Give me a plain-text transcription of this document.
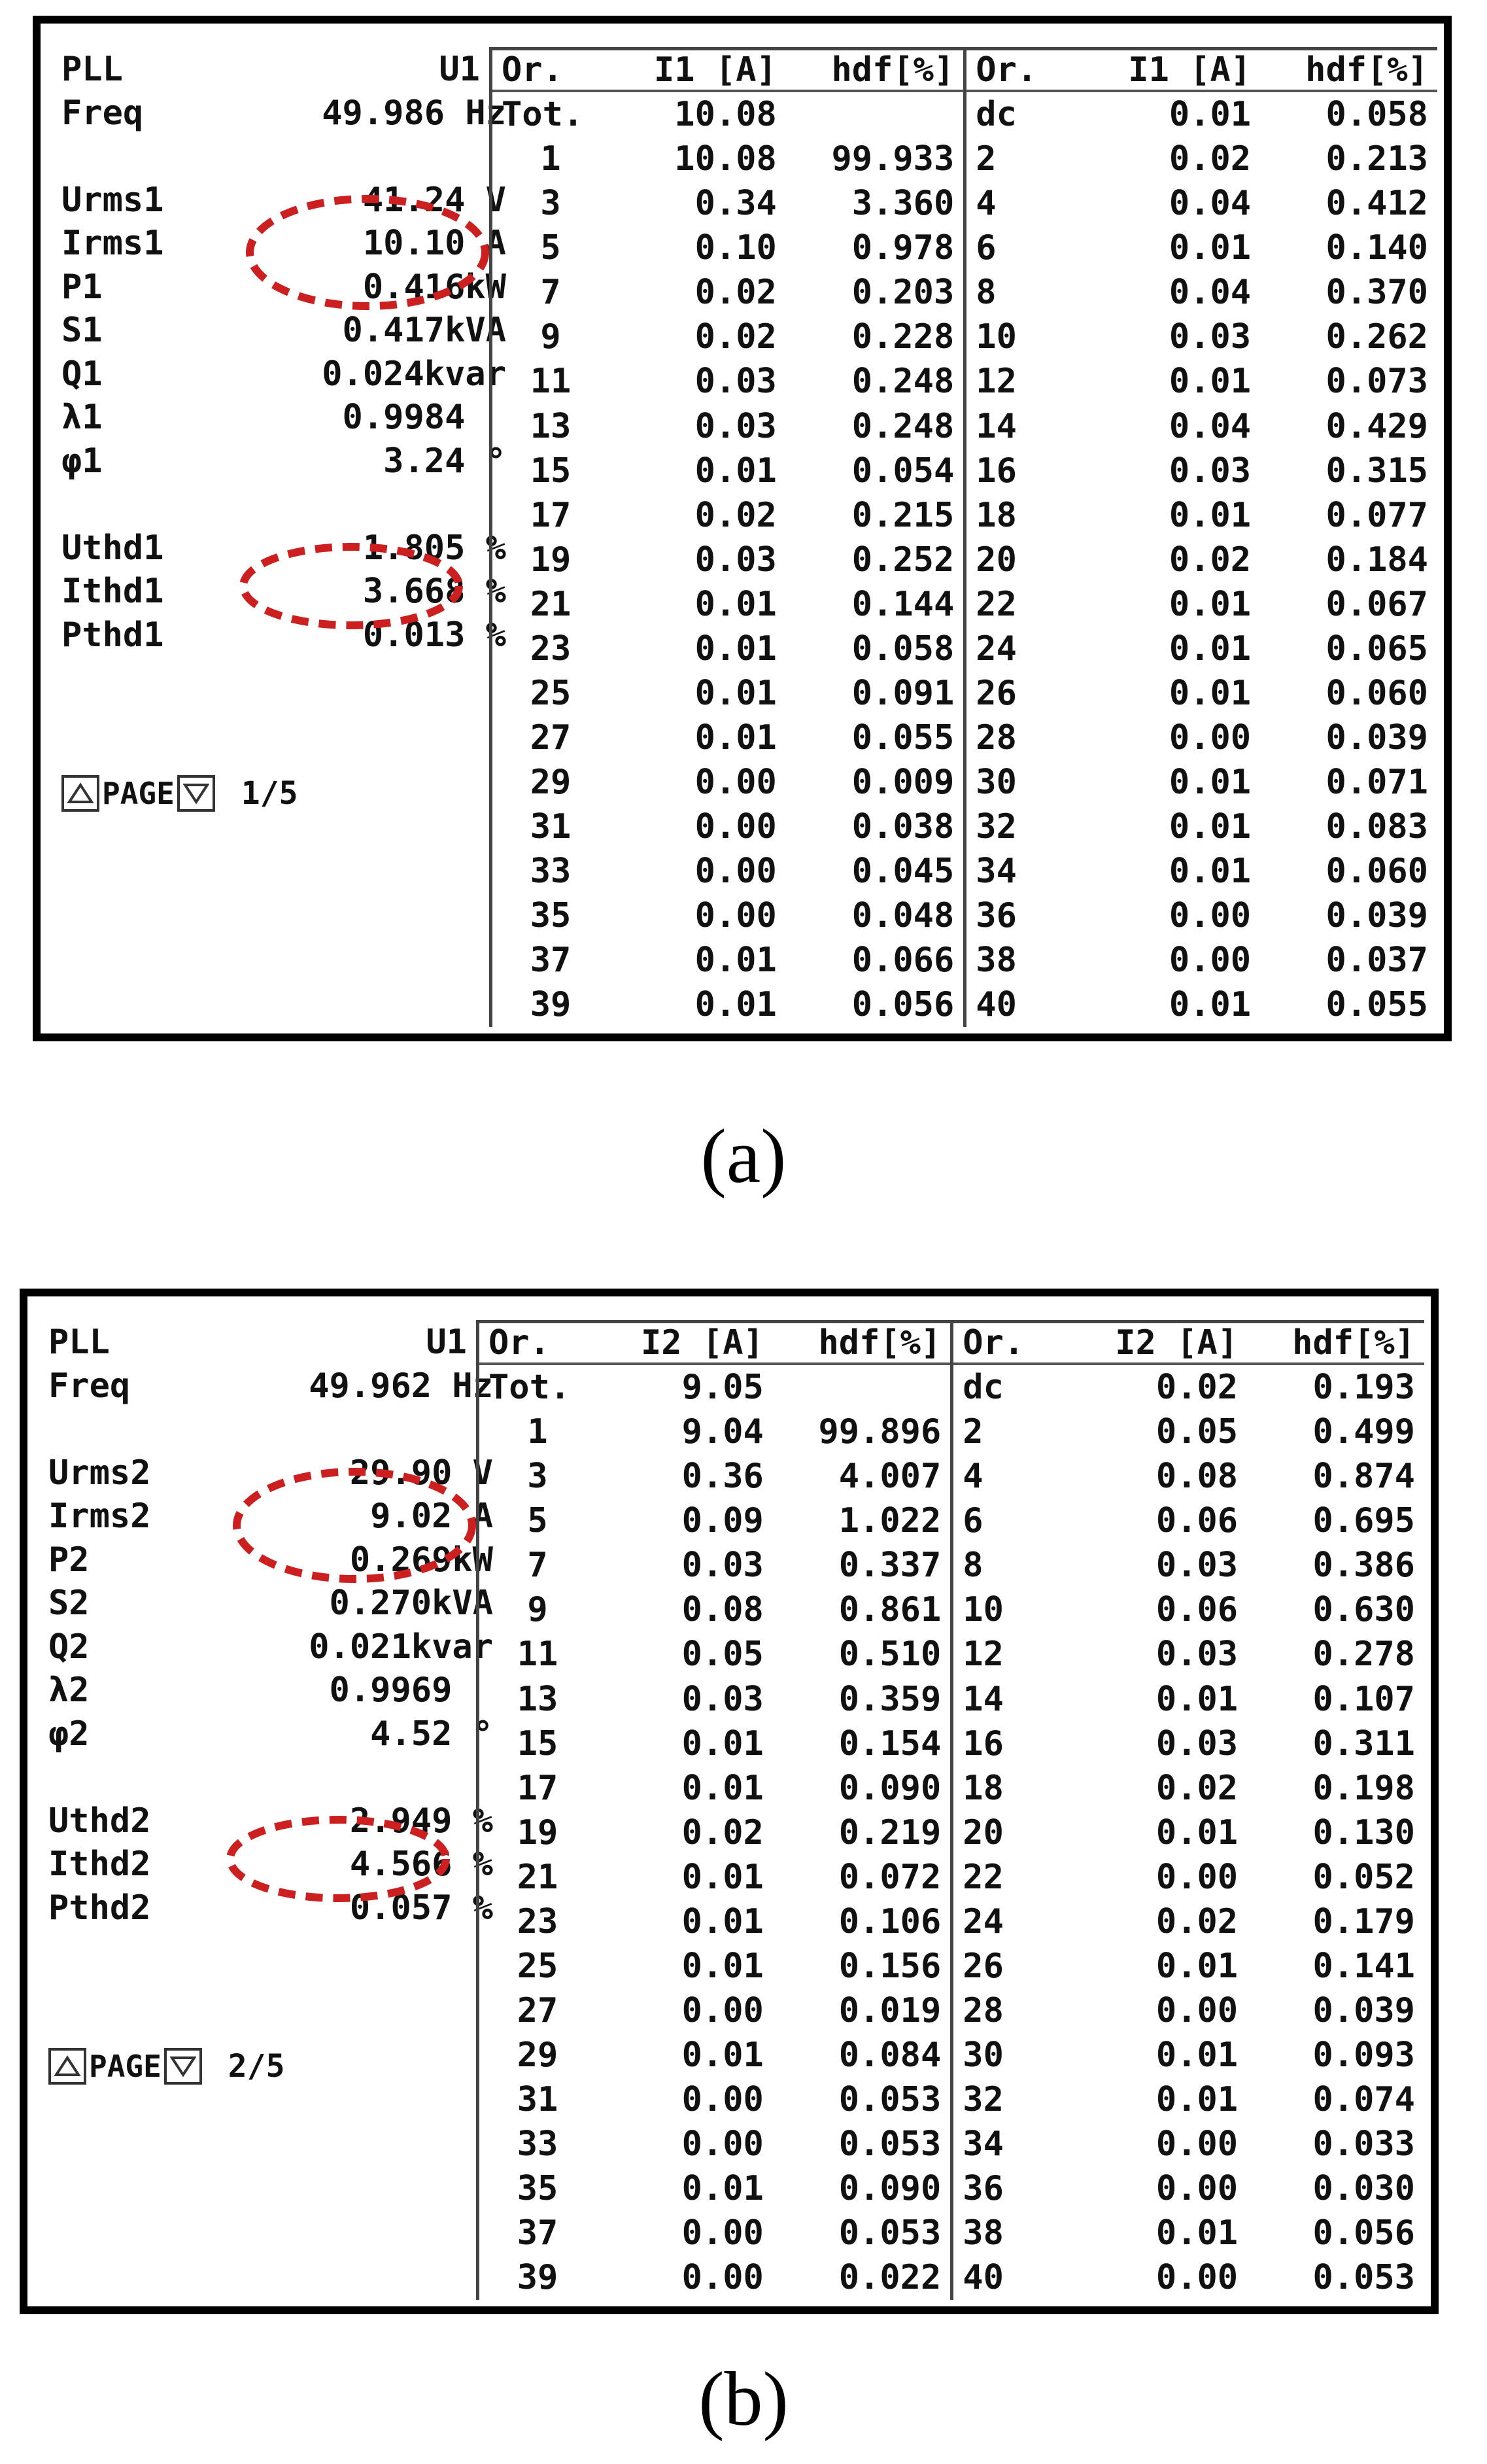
PLL	U1
Freq	49.986 Hz
Urms1	41.24 V
Irms1	10.10 A
P1	0.416kW
S1	0.417kVA
Q1	0.024kvar
λ1	0.9984
φ1	3.24 °
Uthd1	1.805 %
Ithd1	3.668 %
Pthd1	0.013 %
PAGE 1/5
Or.	I1 [A]	hdf[%]	Or.	I1 [A]	hdf[%]
Tot.	10.08		dc	0.01	0.058
1	10.08	99.933	2	0.02	0.213
3	0.34	3.360	4	0.04	0.412
5	0.10	0.978	6	0.01	0.140
7	0.02	0.203	8	0.04	0.370
9	0.02	0.228	10	0.03	0.262
11	0.03	0.248	12	0.01	0.073
13	0.03	0.248	14	0.04	0.429
15	0.01	0.054	16	0.03	0.315
17	0.02	0.215	18	0.01	0.077
19	0.03	0.252	20	0.02	0.184
21	0.01	0.144	22	0.01	0.067
23	0.01	0.058	24	0.01	0.065
25	0.01	0.091	26	0.01	0.060
27	0.01	0.055	28	0.00	0.039
29	0.00	0.009	30	0.01	0.071
31	0.00	0.038	32	0.01	0.083
33	0.00	0.045	34	0.01	0.060
35	0.00	0.048	36	0.00	0.039
37	0.01	0.066	38	0.00	0.037
39	0.01	0.056	40	0.01	0.055
(a)
PLL	U1
Freq	49.962 Hz
Urms2	29.90 V
Irms2	9.02 A
P2	0.269kW
S2	0.270kVA
Q2	0.021kvar
λ2	0.9969
φ2	4.52 °
Uthd2	2.949 %
Ithd2	4.566 %
Pthd2	0.057 %
PAGE 2/5
Or.	I2 [A]	hdf[%]	Or.	I2 [A]	hdf[%]
Tot.	9.05		dc	0.02	0.193
1	9.04	99.896	2	0.05	0.499
3	0.36	4.007	4	0.08	0.874
5	0.09	1.022	6	0.06	0.695
7	0.03	0.337	8	0.03	0.386
9	0.08	0.861	10	0.06	0.630
11	0.05	0.510	12	0.03	0.278
13	0.03	0.359	14	0.01	0.107
15	0.01	0.154	16	0.03	0.311
17	0.01	0.090	18	0.02	0.198
19	0.02	0.219	20	0.01	0.130
21	0.01	0.072	22	0.00	0.052
23	0.01	0.106	24	0.02	0.179
25	0.01	0.156	26	0.01	0.141
27	0.00	0.019	28	0.00	0.039
29	0.01	0.084	30	0.01	0.093
31	0.00	0.053	32	0.01	0.074
33	0.00	0.053	34	0.00	0.033
35	0.01	0.090	36	0.00	0.030
37	0.00	0.053	38	0.01	0.056
39	0.00	0.022	40	0.00	0.053
(b)
